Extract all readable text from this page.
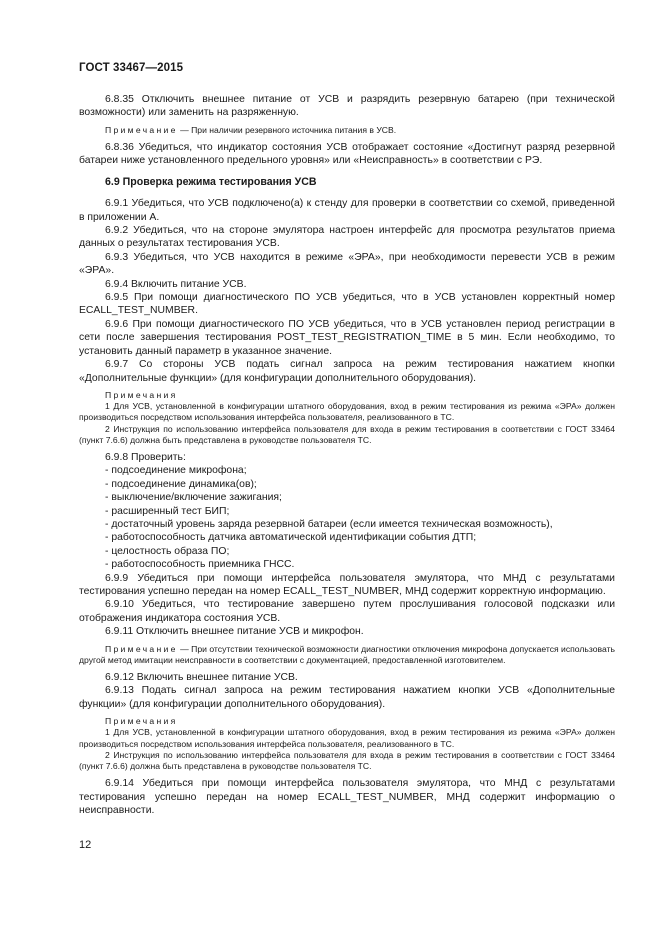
ГОСТ 33467—2015

6.8.35 Отключить внешнее питание от УСВ и разрядить резервную батарею (при технической возможности) или заменить на разряженную.

Примечание — При наличии резервного источника питания в УСВ.

6.8.36 Убедиться, что индикатор состояния УСВ отображает состояние «Достигнут разряд резервной батареи ниже установленного предельного уровня» или «Неисправность» в соответствии с РЭ.

6.9 Проверка режима тестирования УСВ

6.9.1 Убедиться, что УСВ подключено(а) к стенду для проверки в соответствии со схемой, приведенной в приложении А.

6.9.2 Убедиться, что на стороне эмулятора настроен интерфейс для просмотра результатов приема данных о результатах тестирования УСВ.

6.9.3 Убедиться, что УСВ находится в режиме «ЭРА», при необходимости перевести УСВ в режим «ЭРА».

6.9.4 Включить питание УСВ.

6.9.5 При помощи диагностического ПО УСВ убедиться, что в УСВ установлен корректный номер ECALL_TEST_NUMBER.

6.9.6 При помощи диагностического ПО УСВ убедиться, что в УСВ установлен период регистрации в сети после завершения тестирования POST_TEST_REGISTRATION_TIME в 5 мин. Если необходимо, то установить данный параметр в указанное значение.

6.9.7 Со стороны УСВ подать сигнал запроса на режим тестирования нажатием кнопки «Дополнительные функции» (для конфигурации дополнительного оборудования).

Примечания

1 Для УСВ, установленной в конфигурации штатного оборудования, вход в режим тестирования из режима «ЭРА» должен производиться посредством использования интерфейса пользователя, реализованного в ТС.

2 Инструкция по использованию интерфейса пользователя для входа в режим тестирования в соответствии с ГОСТ 33464 (пункт 7.6.6) должна быть представлена в руководстве пользователя ТС.

6.9.8 Проверить:

- подсоединение микрофона;

- подсоединение динамика(ов);

- выключение/включение зажигания;

- расширенный тест БИП;

- достаточный уровень заряда резервной батареи (если имеется техническая возможность),

- работоспособность датчика автоматической идентификации события ДТП;

- целостность образа ПО;

- работоспособность приемника ГНСС.

6.9.9 Убедиться при помощи интерфейса пользователя эмулятора, что МНД с результатами тестирования успешно передан на номер ECALL_TEST_NUMBER, МНД содержит корректную информацию.

6.9.10 Убедиться, что тестирование завершено путем прослушивания голосовой подсказки или отображения индикатора состояния УСВ.

6.9.11 Отключить внешнее питание УСВ и микрофон.

Примечание — При отсутствии технической возможности диагностики отключения микрофона допускается использовать другой метод имитации неисправности в соответствии с документацией, предоставленной изготовителем.

6.9.12 Включить внешнее питание УСВ.

6.9.13 Подать сигнал запроса на режим тестирования нажатием кнопки УСВ «Дополнительные функции» (для конфигурации дополнительного оборудования).

Примечания

1 Для УСВ, установленной в конфигурации штатного оборудования, вход в режим тестирования из режима «ЭРА» должен производиться посредством использования интерфейса пользователя, реализованного в ТС.

2 Инструкция по использованию интерфейса пользователя для входа в режим тестирования в соответствии с ГОСТ 33464 (пункт 7.6.6) должна быть представлена в руководстве пользователя ТС.

6.9.14 Убедиться при помощи интерфейса пользователя эмулятора, что МНД с результатами тестирования успешно передан на номер ECALL_TEST_NUMBER, МНД содержит информацию о неисправности.

12
